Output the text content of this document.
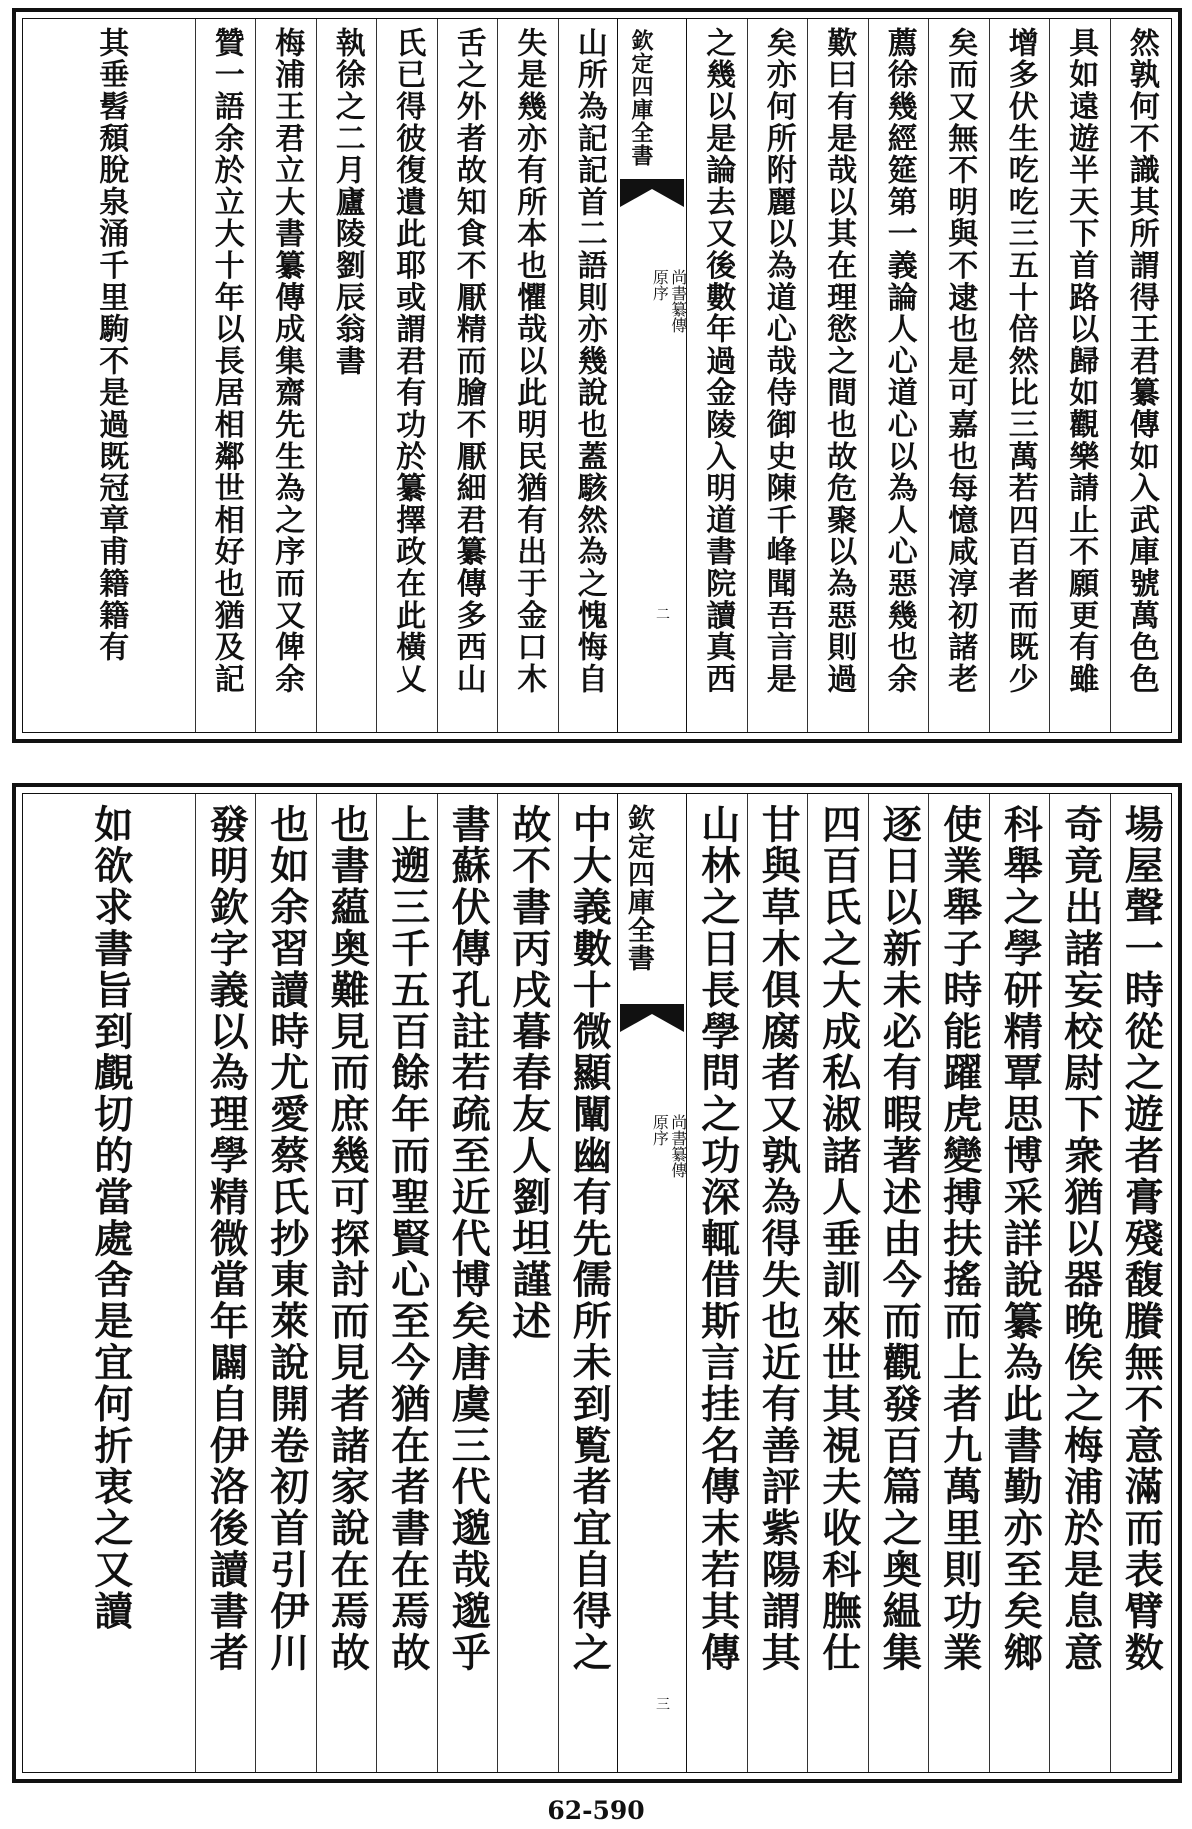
然孰何不識其所謂得王君纂傳如入武庫號萬色色
具如遠遊半天下首路以歸如觀樂請止不願更有雖
增多伏生吃吃三五十倍然比三萬若四百者而既少
矣而又無不明與不逮也是可嘉也每憶咸淳初諸老
薦徐幾經筵第一義論人心道心以為人心惡幾也余
歎曰有是哉以其在理慾之間也故危聚以為惡則過
矣亦何所附麗以為道心哉侍御史陳千峰聞吾言是
之幾以是論去又後數年過金陵入明道書院讀真西
欽定四庫全書
尚書纂傳
原序
二
山所為記記首二語則亦幾說也蓋駭然為之愧悔自
失是幾亦有所本也懼哉以此明民猶有出于金口木
舌之外者故知食不厭精而膾不厭細君纂傳多西山
氏已得彼復遺此耶或謂君有功於纂擇政在此橫乂
執徐之二月廬陵劉辰翁書
梅浦王君立大書纂傳成集齋先生為之序而又俾余
贊一語余於立大十年以長居相鄰世相好也猶及記
其垂髫頹脫泉涌千里駒不是過既冠章甫籍籍有
場屋聲一時從之遊者膏殘馥賸無不意滿而表臂数
奇竟出諸妄校尉下衆猶以器晚俟之梅浦於是息意
科舉之學研精覃思博采詳說纂為此書勤亦至矣鄉
使業舉子時能躍虎變搏扶搖而上者九萬里則功業
逐日以新未必有暇著述由今而觀發百篇之奥緼集
四百氏之大成私淑諸人垂訓來世其視夫收科膴仕
甘與草木俱腐者又孰為得失也近有善評紫陽謂其
山林之日長學問之功深輒借斯言挂名傳末若其傳
欽定四庫全書
尚書纂傳
原序
三
中大義數十微顯闡幽有先儒所未到覧者宜自得之
故不書丙戌暮春友人劉坦謹述
書蘇伏傳孔註若疏至近代博矣唐虞三代邈哉邈乎
上遡三千五百餘年而聖賢心至今猶在者書在焉故
也書藴奥難見而庶幾可探討而見者諸家說在焉故
也如余習讀時尤愛蔡氏抄東萊說開卷初首引伊川
發明欽字義以為理學精微當年闢自伊洛後讀書者
如欲求書旨到覰切的當處舍是宜何折衷之又讀
62-590
